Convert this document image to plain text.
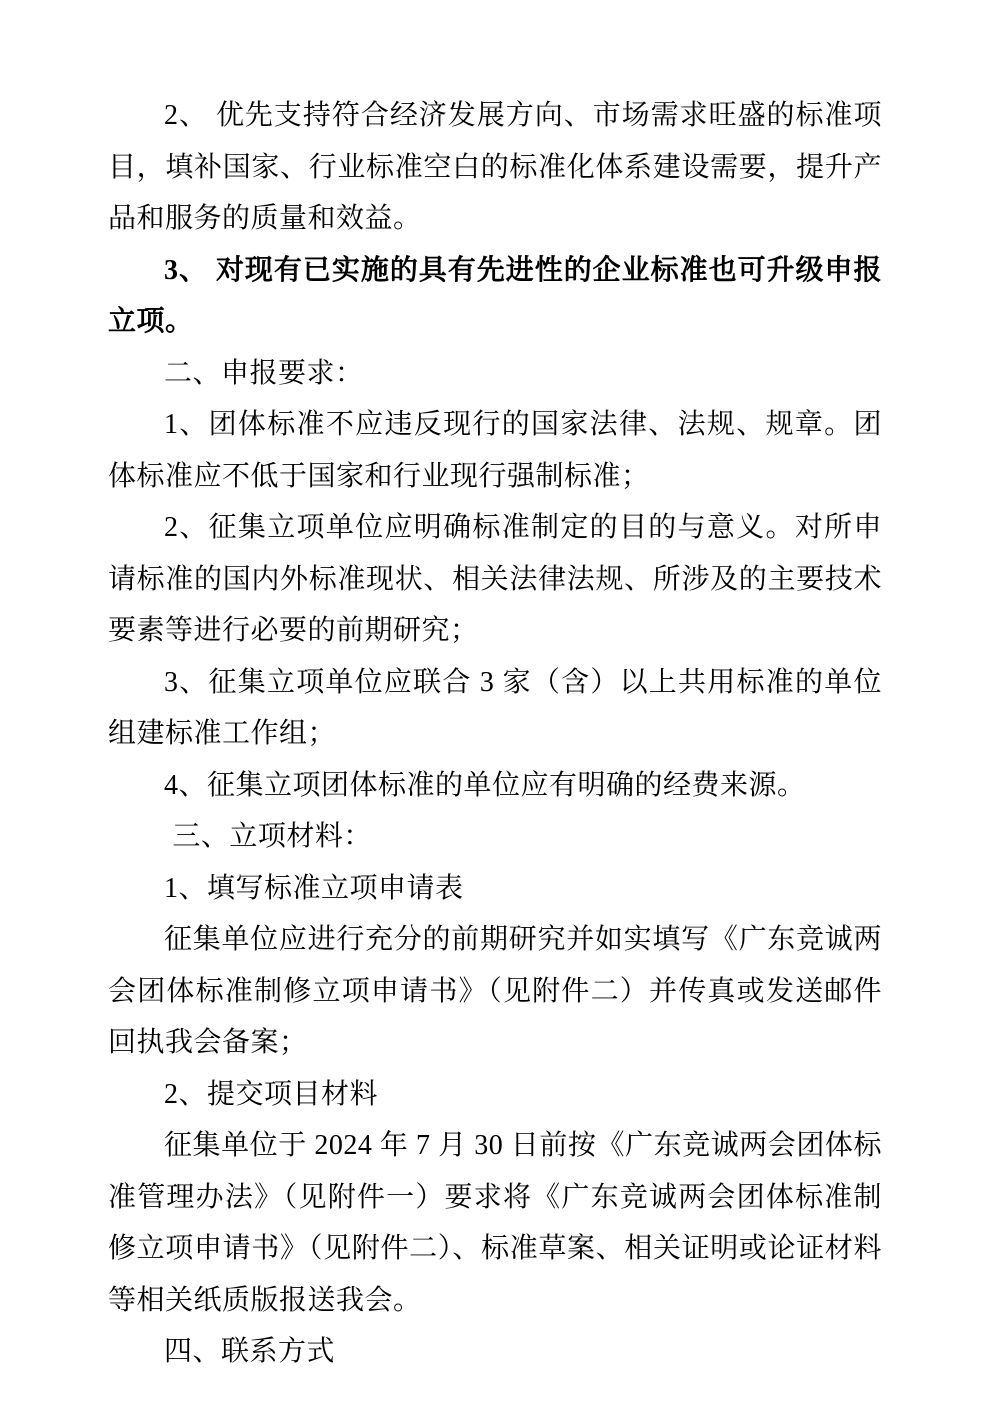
2、 优先支持符合经济发展方向、市场需求旺盛的标准项目，填补国家、行业标准空白的标准化体系建设需要，提升产品和服务的质量和效益。

3、 对现有已实施的具有先进性的企业标准也可升级申报立项。

二、申报要求：

1、团体标准不应违反现行的国家法律、法规、规章。团体标准应不低于国家和行业现行强制标准；

2、征集立项单位应明确标准制定的目的与意义。对所申请标准的国内外标准现状、相关法律法规、所涉及的主要技术要素等进行必要的前期研究；

3、征集立项单位应联合 3 家（含）以上共用标准的单位组建标准工作组；

4、征集立项团体标准的单位应有明确的经费来源。

三、立项材料：

1、填写标准立项申请表

征集单位应进行充分的前期研究并如实填写《广东竞诚两会团体标准制修立项申请书》（见附件二）并传真或发送邮件回执我会备案；

2、提交项目材料

征集单位于 2024 年 7 月 30 日前按《广东竞诚两会团体标准管理办法》（见附件一）要求将《广东竞诚两会团体标准制修立项申请书》（见附件二）、标准草案、相关证明或论证材料等相关纸质版报送我会。

四、联系方式
